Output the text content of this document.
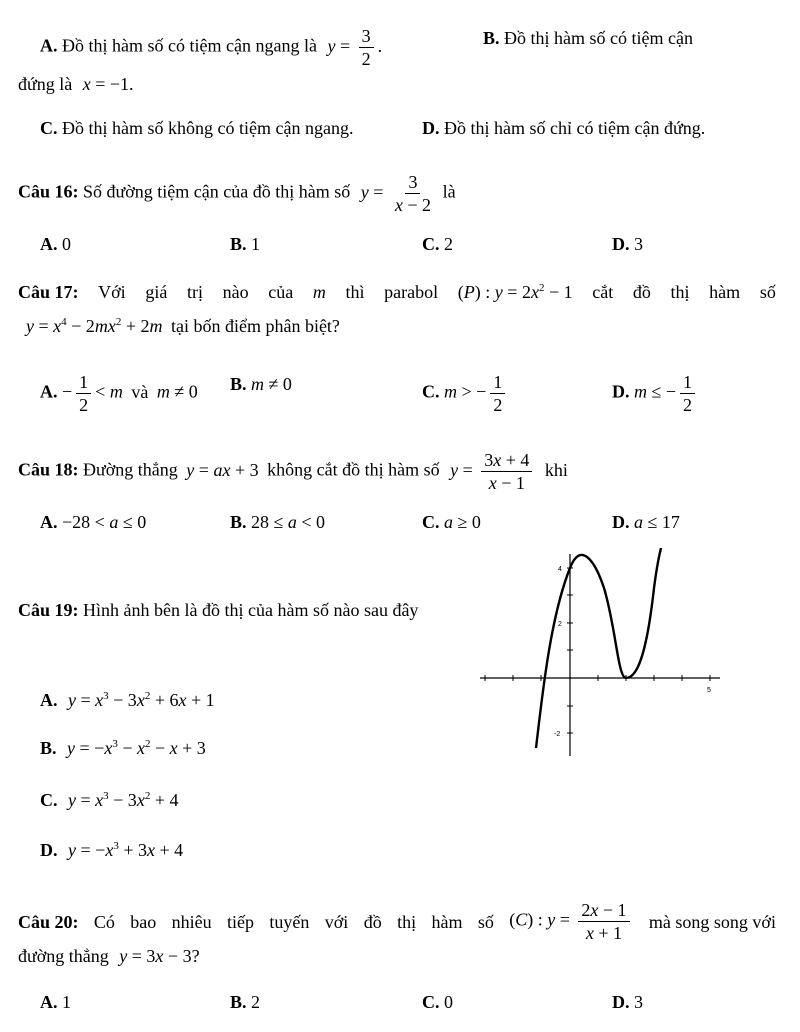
A. Đồ thị hàm số có tiệm cận ngang là $y = \frac{3}{2}$ .	B. Đồ thị hàm số có tiệm cận
đứng là x = −1.
C. Đồ thị hàm số không có tiệm cận ngang.	D. Đồ thị hàm số chỉ có tiệm cận đứng.
Câu 16: Số đường tiệm cận của đồ thị hàm số $y = \frac{3}{x - 2}$ là
A. 0	B. 1	C. 2	D. 3
Câu 17: Với giá trị nào của m thì parabol (P) : $y = 2x^2 - 1$ cắt đồ thị hàm số
$y = x^4 - 2mx^2 + 2m$ tại bốn điểm phân biệt?
A. − $\frac{1}{2} < m$ và m ≠ 0 B. m ≠ 0	C. m > − $\frac{1}{2}$	D. m ≤ − $\frac{1}{2}$
Câu 18: Đường thẳng y = ax + 3 không cắt đồ thị hàm số $y = \frac{3x + 4}{x - 1}$ khi
A. −28 < a ≤ 0	B. 28 ≤ a < 0	C. a ≥ 0	D. a ≤ 17
Câu 19: Hình ảnh bên là đồ thị của hàm số nào sau đây
A. $y = x^3 - 3x^2 + 6x + 1$
B. $y = -x^3 - x^2 - x + 3$
C. $y = x^3 - 3x^2 + 4$
D. $y = -x^3 + 3x + 4$
4
2
-2
5
Câu 20: Có bao nhiêu tiếp tuyến với đồ thị hàm số (C) : $y = \frac{2x - 1}{x + 1}$ mà song song với
đường thẳng y = 3x − 3?
A. 1	B. 2	C. 0	D. 3
